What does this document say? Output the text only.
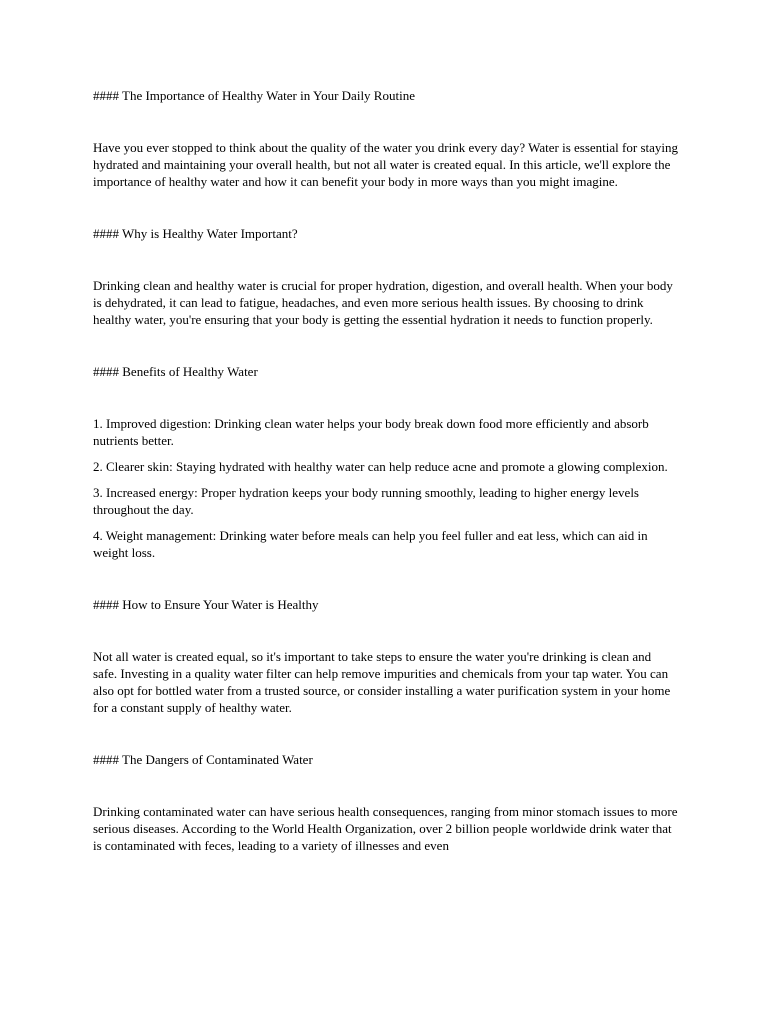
#### The Importance of Healthy Water in Your Daily Routine

Have you ever stopped to think about the quality of the water you drink every day? Water is essential for staying hydrated and maintaining your overall health, but not all water is created equal. In this article, we'll explore the importance of healthy water and how it can benefit your body in more ways than you might imagine.

#### Why is Healthy Water Important?

Drinking clean and healthy water is crucial for proper hydration, digestion, and overall health. When your body is dehydrated, it can lead to fatigue, headaches, and even more serious health issues. By choosing to drink healthy water, you're ensuring that your body is getting the essential hydration it needs to function properly.

#### Benefits of Healthy Water

1. Improved digestion: Drinking clean water helps your body break down food more efficiently and absorb nutrients better.

2. Clearer skin: Staying hydrated with healthy water can help reduce acne and promote a glowing complexion.

3. Increased energy: Proper hydration keeps your body running smoothly, leading to higher energy levels throughout the day.

4. Weight management: Drinking water before meals can help you feel fuller and eat less, which can aid in weight loss.

#### How to Ensure Your Water is Healthy

Not all water is created equal, so it's important to take steps to ensure the water you're drinking is clean and safe. Investing in a quality water filter can help remove impurities and chemicals from your tap water. You can also opt for bottled water from a trusted source, or consider installing a water purification system in your home for a constant supply of healthy water.

#### The Dangers of Contaminated Water

Drinking contaminated water can have serious health consequences, ranging from minor stomach issues to more serious diseases. According to the World Health Organization, over 2 billion people worldwide drink water that is contaminated with feces, leading to a variety of illnesses and even
